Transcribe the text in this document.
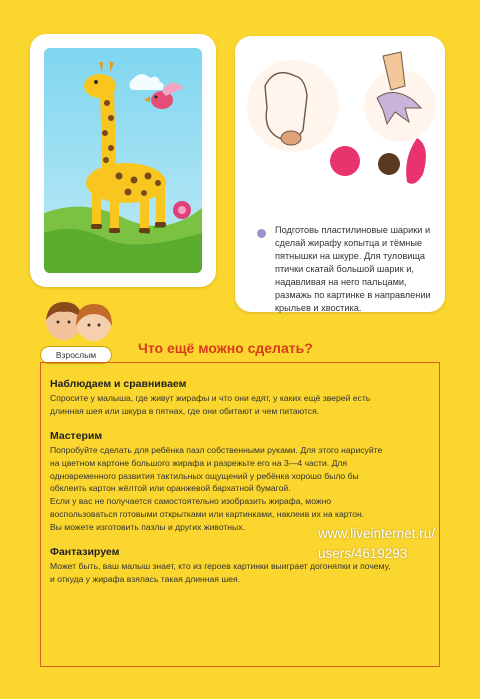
Подготовь пластилиновые шарики и сделай жирафу копытца и тёмные пятнышки на шкуре. Для туловища птички скатай большой шарик и, надавливая на него пальцами, размажь по картинке в направлении крыльев и хвостика.
Взрослым	Что ещё можно сделать?
Наблюдаем и сравниваем

Спросите у малыша, где живут жирафы и что они едят, у каких ещё зверей есть
длинная шея или шкура в пятнах, где они обитают и чем питаются.

Мастерим

Попробуйте сделать для ребёнка пазл собственными руками. Для этого нарисуйте
на цветном картоне большого жирафа и разрежьте его на 3—4 части. Для
одновременного развития тактильных ощущений у ребёнка хорошо было бы
обклеить картон жёлтой или оранжевой бархатной бумагой.
Если у вас не получается самостоятельно изобразить жирафа, можно
воспользоваться готовыми открытками или картинками, наклеив их на картон.
Вы можете изготовить пазлы и других животных.

Фантазируем

Может быть, ваш малыш знает, кто из героев картинки выиграет догонялки и почему,
и откуда у жирафа взялась такая длинная шея.

www.liveinternet.ru/
users/4619293
